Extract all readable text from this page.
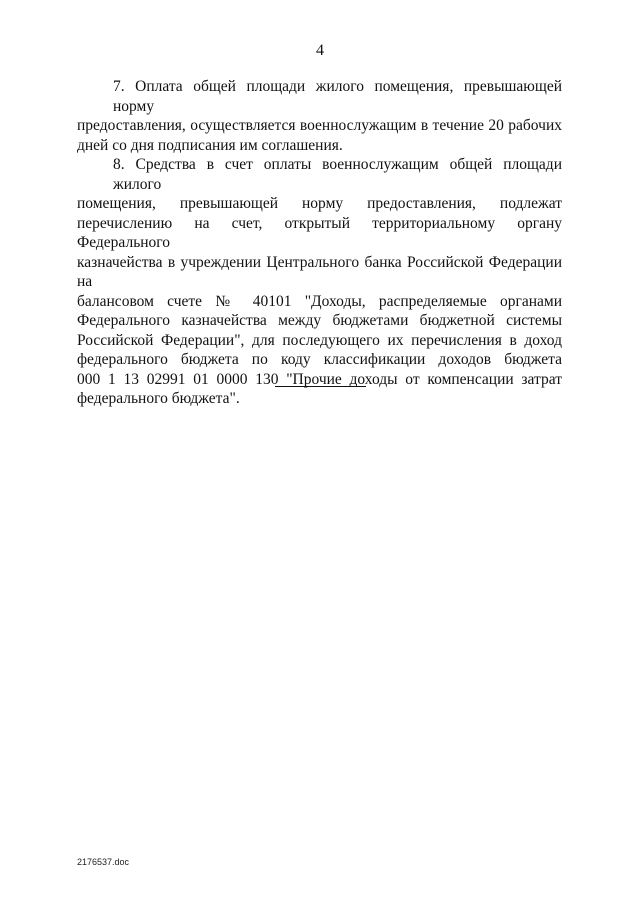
4
7. Оплата общей площади жилого помещения, превышающей норму
предоставления, осуществляется военнослужащим в течение 20 рабочих
дней со дня подписания им соглашения.
8. Средства в счет оплаты военнослужащим общей площади жилого
помещения, превышающей норму предоставления, подлежат
перечислению на счет, открытый территориальному органу Федерального
казначейства в учреждении Центрального банка Российской Федерации на
балансовом счете № 40101 "Доходы, распределяемые органами
Федерального казначейства между бюджетами бюджетной системы
Российской Федерации", для последующего их перечисления в доход
федерального бюджета по коду классификации доходов бюджета
000 1 13 02991 01 0000 130 "Прочие доходы от компенсации затрат
федерального бюджета".
2176537.doc
